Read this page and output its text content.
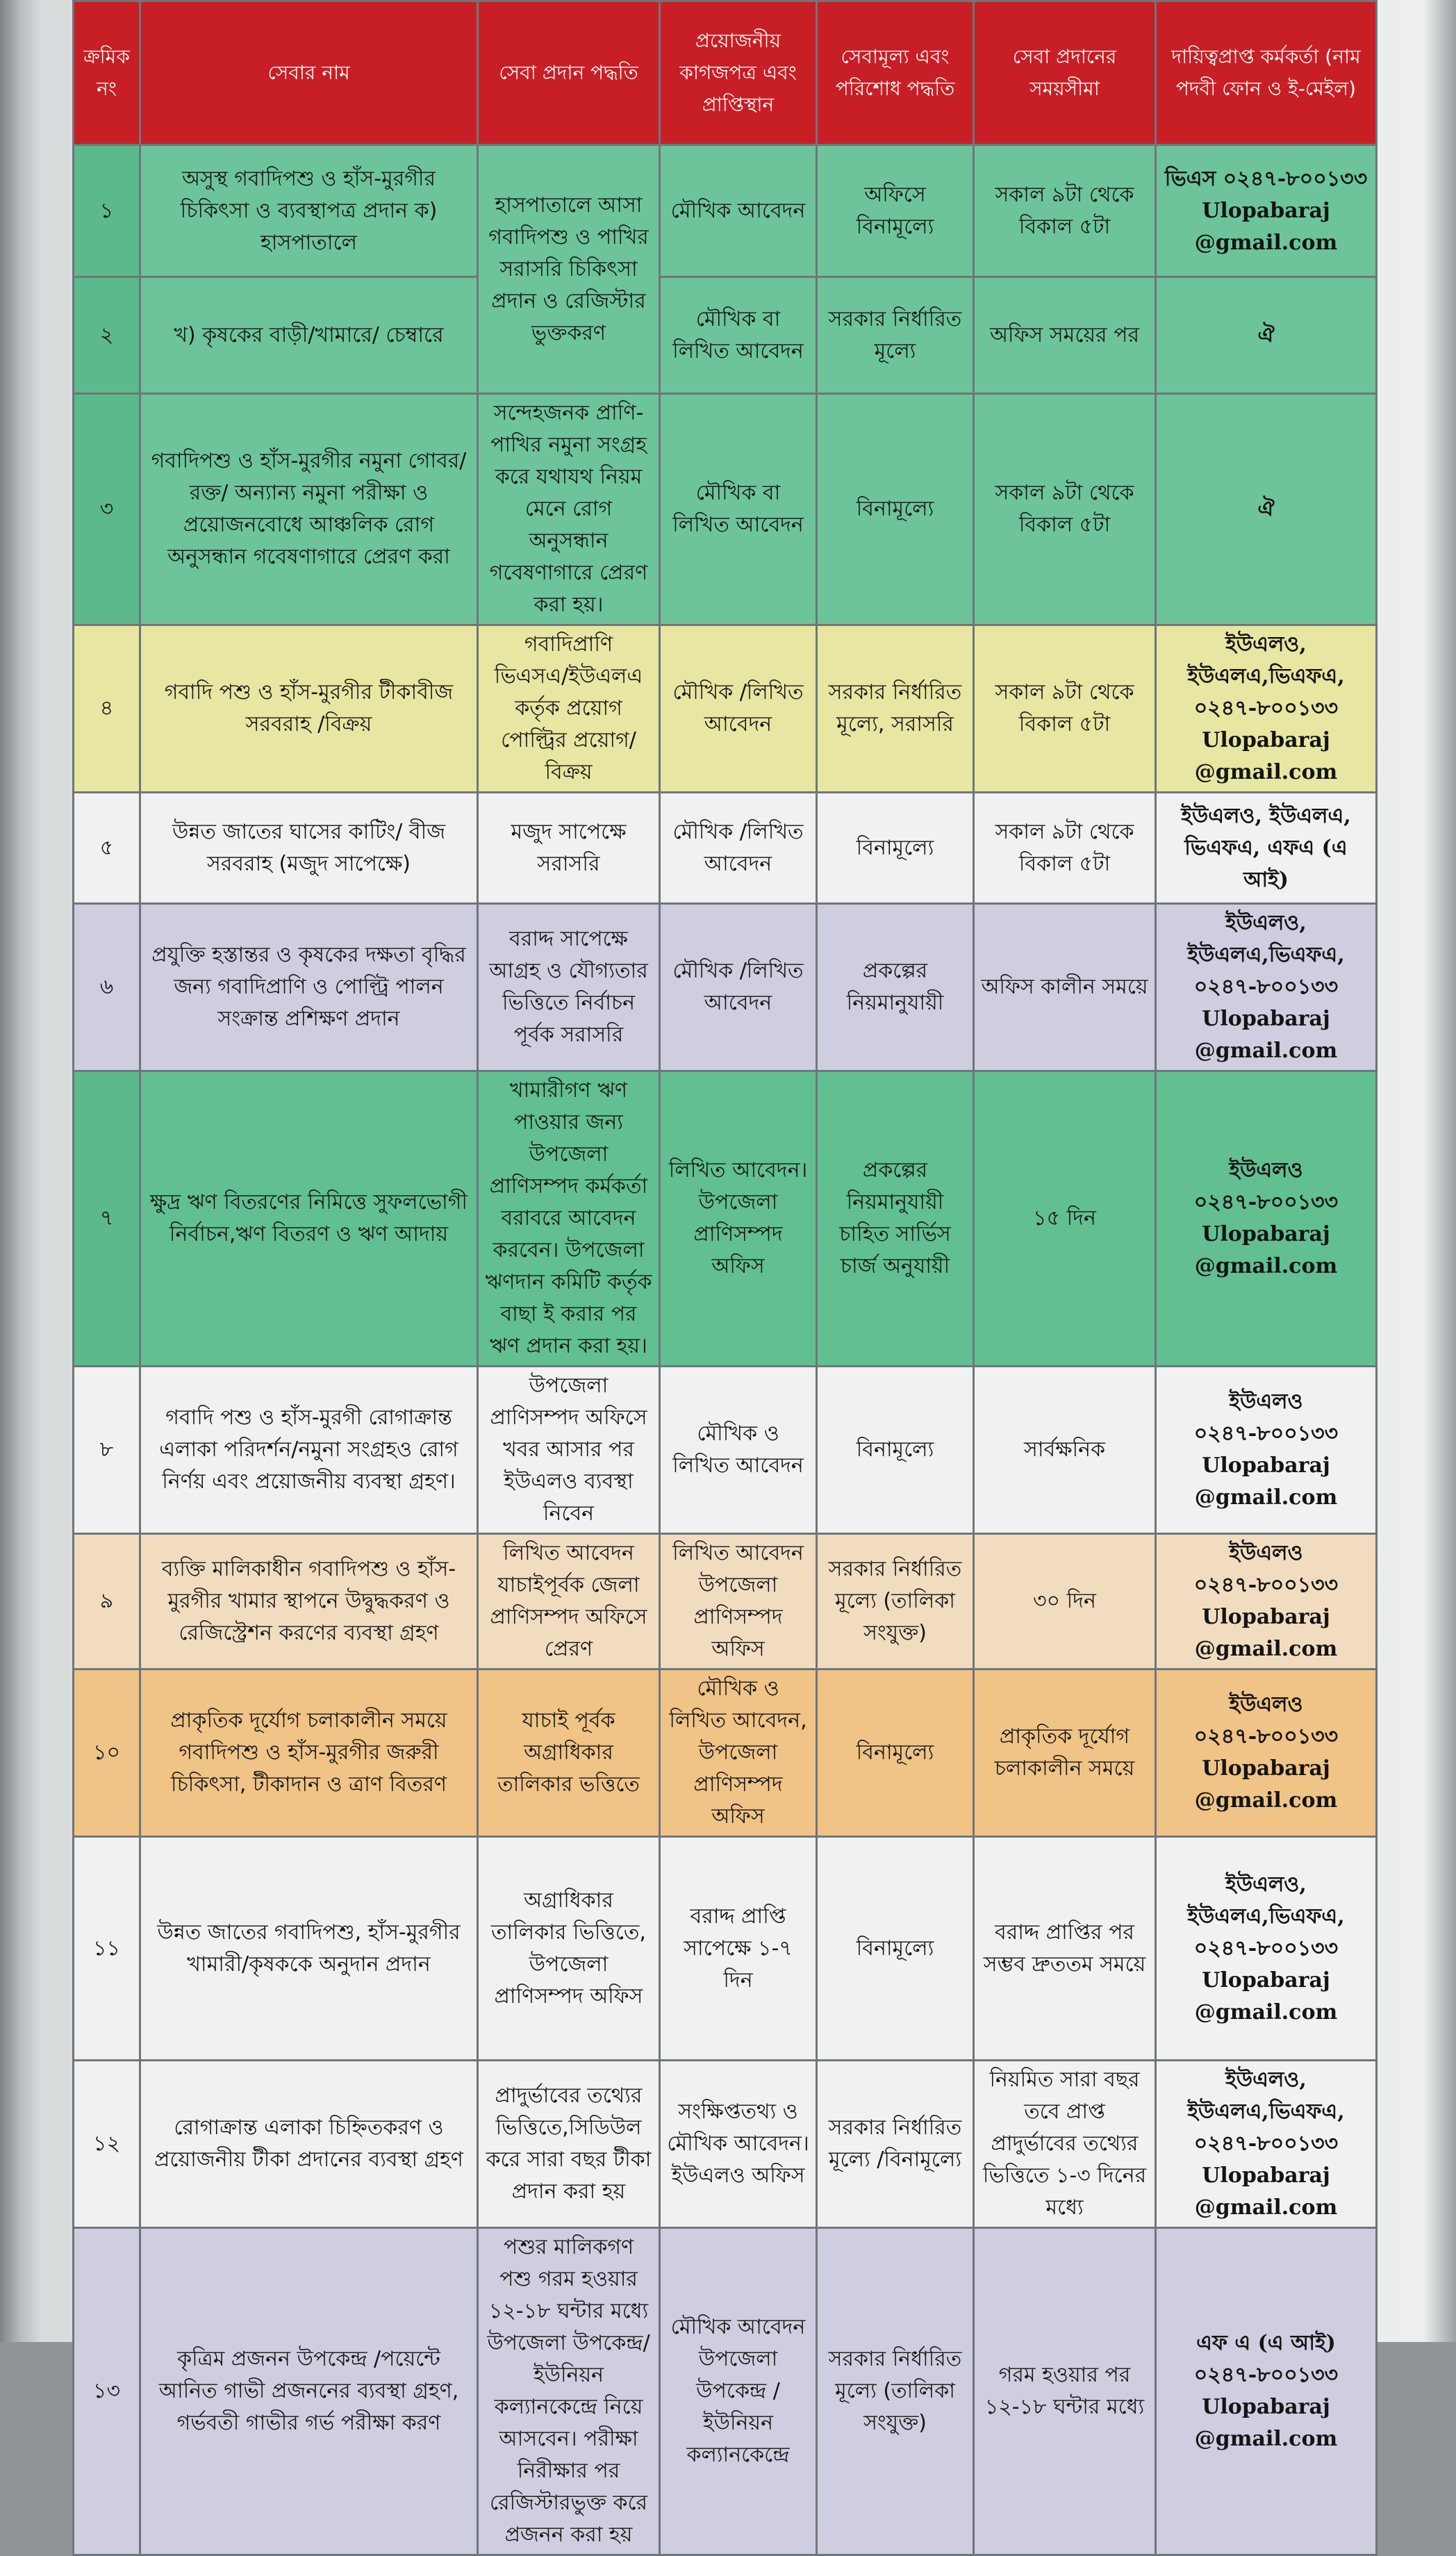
ক্রমিক নং	সেবার নাম	সেবা প্রদান পদ্ধতি	প্রয়োজনীয় কাগজপত্র এবং প্রাপ্তিস্থান	সেবামূল্য এবং পরিশোধ পদ্ধতি	সেবা প্রদানের সময়সীমা	দায়িত্বপ্রাপ্ত কর্মকর্তা (নাম পদবী ফোন ও ই-মেইল)
১	অসুস্থ গবাদিপশু ও হাঁস-মুরগীর চিকিৎসা ও ব্যবস্থাপত্র প্রদান ক) হাসপাতালে	হাসপাতালে আসা গবাদিপশু ও পাখির সরাসরি চিকিৎসা প্রদান ও রেজিস্টার ভুক্তকরণ	মৌখিক আবেদন	অফিসে বিনামূল্যে	সকাল ৯টা থেকে বিকাল ৫টা	ভিএস ০২৪৭-৮০০১৩৩ Ulopabaraj @gmail.com
২	খ) কৃষকের বাড়ী/খামারে/ চেম্বারে		মৌখিক বা লিখিত আবেদন	সরকার নির্ধারিত মূল্যে	অফিস সময়ের পর	ঐ
৩	গবাদিপশু ও হাঁস-মুরগীর নমুনা গোবর/রক্ত/ অন্যান্য নমুনা পরীক্ষা ও প্রয়োজনবোধে আঞ্চলিক রোগ অনুসন্ধান গবেষণাগারে প্রেরণ করা	সন্দেহজনক প্রাণি-পাখির নমুনা সংগ্রহ করে যথাযথ নিয়ম মেনে রোগ অনুসন্ধান গবেষণাগারে প্রেরণ করা হয়।	মৌখিক বা লিখিত আবেদন	বিনামূল্যে	সকাল ৯টা থেকে বিকাল ৫টা	ঐ
৪	গবাদি পশু ও হাঁস-মুরগীর টীকাবীজ সরবরাহ /বিক্রয়	গবাদিপ্রাণি ভিএসএ/ইউএলএ কর্তৃক প্রয়োগ পোল্ট্রির প্রয়োগ/ বিক্রয়	মৌখিক /লিখিত আবেদন	সরকার নির্ধারিত মূল্যে, সরাসরি	সকাল ৯টা থেকে বিকাল ৫টা	ইউএলও, ইউএলএ,ভিএফএ, ০২৪৭-৮০০১৩৩ Ulopabaraj @gmail.com
৫	উন্নত জাতের ঘাসের কাটিং/ বীজ সরবরাহ (মজুদ সাপেক্ষে)	মজুদ সাপেক্ষে সরাসরি	মৌখিক /লিখিত আবেদন	বিনামূল্যে	সকাল ৯টা থেকে বিকাল ৫টা	ইউএলও, ইউএলএ, ভিএফএ, এফএ (এ আই)
৬	প্রযুক্তি হস্তান্তর ও কৃষকের দক্ষতা বৃদ্ধির জন্য গবাদিপ্রাণি ও পোল্ট্রি পালন সংক্রান্ত প্রশিক্ষণ প্রদান	বরাদ্দ সাপেক্ষে আগ্রহ ও যৌগ্যতার ভিত্তিতে নির্বাচন পূর্বক সরাসরি	মৌখিক /লিখিত আবেদন	প্রকল্পের নিয়মানুযায়ী	অফিস কালীন সময়ে	ইউএলও, ইউএলএ,ভিএফএ, ০২৪৭-৮০০১৩৩ Ulopabaraj @gmail.com
৭	ক্ষুদ্র ঋণ বিতরণের নিমিত্তে সুফলভোগী নির্বাচন,ঋণ বিতরণ ও ঋণ আদায়	খামারীগণ ঋণ পাওয়ার জন্য উপজেলা প্রাণিসম্পদ কর্মকর্তা বরাবরে আবেদন করবেন। উপজেলা ঋণদান কমিটি কর্তৃক বাছা ই করার পর ঋণ প্রদান করা হয়।	লিখিত আবেদন। উপজেলা প্রাণিসম্পদ অফিস	প্রকল্পের নিয়মানুযায়ী চাহিত সার্ভিস চার্জ অনুযায়ী	১৫ দিন	ইউএলও ০২৪৭-৮০০১৩৩ Ulopabaraj @gmail.com
৮	গবাদি পশু ও হাঁস-মুরগী রোগাক্রান্ত এলাকা পরিদর্শন/নমুনা সংগ্রহও রোগ নির্ণয় এবং প্রয়োজনীয় ব্যবস্থা গ্রহণ।	উপজেলা প্রাণিসম্পদ অফিসে খবর আসার পর ইউএলও ব্যবস্থা নিবেন	মৌখিক ও লিখিত আবেদন	বিনামূল্যে	সার্বক্ষনিক	ইউএলও ০২৪৭-৮০০১৩৩ Ulopabaraj @gmail.com
৯	ব্যক্তি মালিকাধীন গবাদিপশু ও হাঁস-মুরগীর খামার স্থাপনে উদ্বুদ্ধকরণ ও রেজিস্ট্রেশন করণের ব্যবস্থা গ্রহণ	লিখিত আবেদন যাচাইপূর্বক জেলা প্রাণিসম্পদ অফিসে প্রেরণ	লিখিত আবেদন উপজেলা প্রাণিসম্পদ অফিস	সরকার নির্ধারিত মূল্যে (তালিকা সংযুক্ত)	৩০ দিন	ইউএলও ০২৪৭-৮০০১৩৩ Ulopabaraj @gmail.com
১০	প্রাকৃতিক দূর্যোগ চলাকালীন সময়ে গবাদিপশু ও হাঁস-মুরগীর জরুরী চিকিৎসা, টীকাদান ও ত্রাণ বিতরণ	যাচাই পূর্বক অগ্রাধিকার তালিকার ভত্তিতে	মৌখিক ও লিখিত আবেদন, উপজেলা প্রাণিসম্পদ অফিস	বিনামূল্যে	প্রাকৃতিক দূর্যোগ চলাকালীন সময়ে	ইউএলও ০২৪৭-৮০০১৩৩ Ulopabaraj @gmail.com
১১	উন্নত জাতের গবাদিপশু, হাঁস-মুরগীর খামারী/কৃষককে অনুদান প্রদান	অগ্রাধিকার তালিকার ভিত্তিতে, উপজেলা প্রাণিসম্পদ অফিস	বরাদ্দ প্রাপ্তি সাপেক্ষে ১-৭ দিন	বিনামূল্যে	বরাদ্দ প্রাপ্তির পর সম্ভব দ্রুততম সময়ে	ইউএলও, ইউএলএ,ভিএফএ, ০২৪৭-৮০০১৩৩ Ulopabaraj @gmail.com
১২	রোগাক্রান্ত এলাকা চিহ্নিতকরণ ও প্রয়োজনীয় টীকা প্রদানের ব্যবস্থা গ্রহণ	প্রাদুর্ভাবের তথ্যের ভিত্তিতে,সিডিউল করে সারা বছর টীকা প্রদান করা হয়	সংক্ষিপ্ততথ্য ও মৌখিক আবেদন। ইউএলও অফিস	সরকার নির্ধারিত মূল্যে /বিনামূল্যে	নিয়মিত সারা বছর তবে প্রাপ্ত প্রাদুর্ভাবের তথ্যের ভিত্তিতে ১-৩ দিনের মধ্যে	ইউএলও, ইউএলএ,ভিএফএ, ০২৪৭-৮০০১৩৩ Ulopabaraj @gmail.com
১৩	কৃত্রিম প্রজনন উপকেন্দ্র /পয়েন্টে আনিত গাভী প্রজননের ব্যবস্থা গ্রহণ, গর্ভবতী গাভীর গর্ভ পরীক্ষা করণ	পশুর মালিকগণ পশু গরম হওয়ার ১২-১৮ ঘন্টার মধ্যে উপজেলা উপকেন্দ্র/ইউনিয়ন কল্যানকেন্দ্রে নিয়ে আসবেন। পরীক্ষা নিরীক্ষার পর রেজিস্টারভুক্ত করে প্রজনন করা হয়	মৌখিক আবেদন উপজেলা উপকেন্দ্র /ইউনিয়ন কল্যানকেন্দ্রে	সরকার নির্ধারিত মূল্যে (তালিকা সংযুক্ত)	গরম হওয়ার পর ১২-১৮ ঘন্টার মধ্যে	এফ এ (এ আই) ০২৪৭-৮০০১৩৩ Ulopabaraj @gmail.com
